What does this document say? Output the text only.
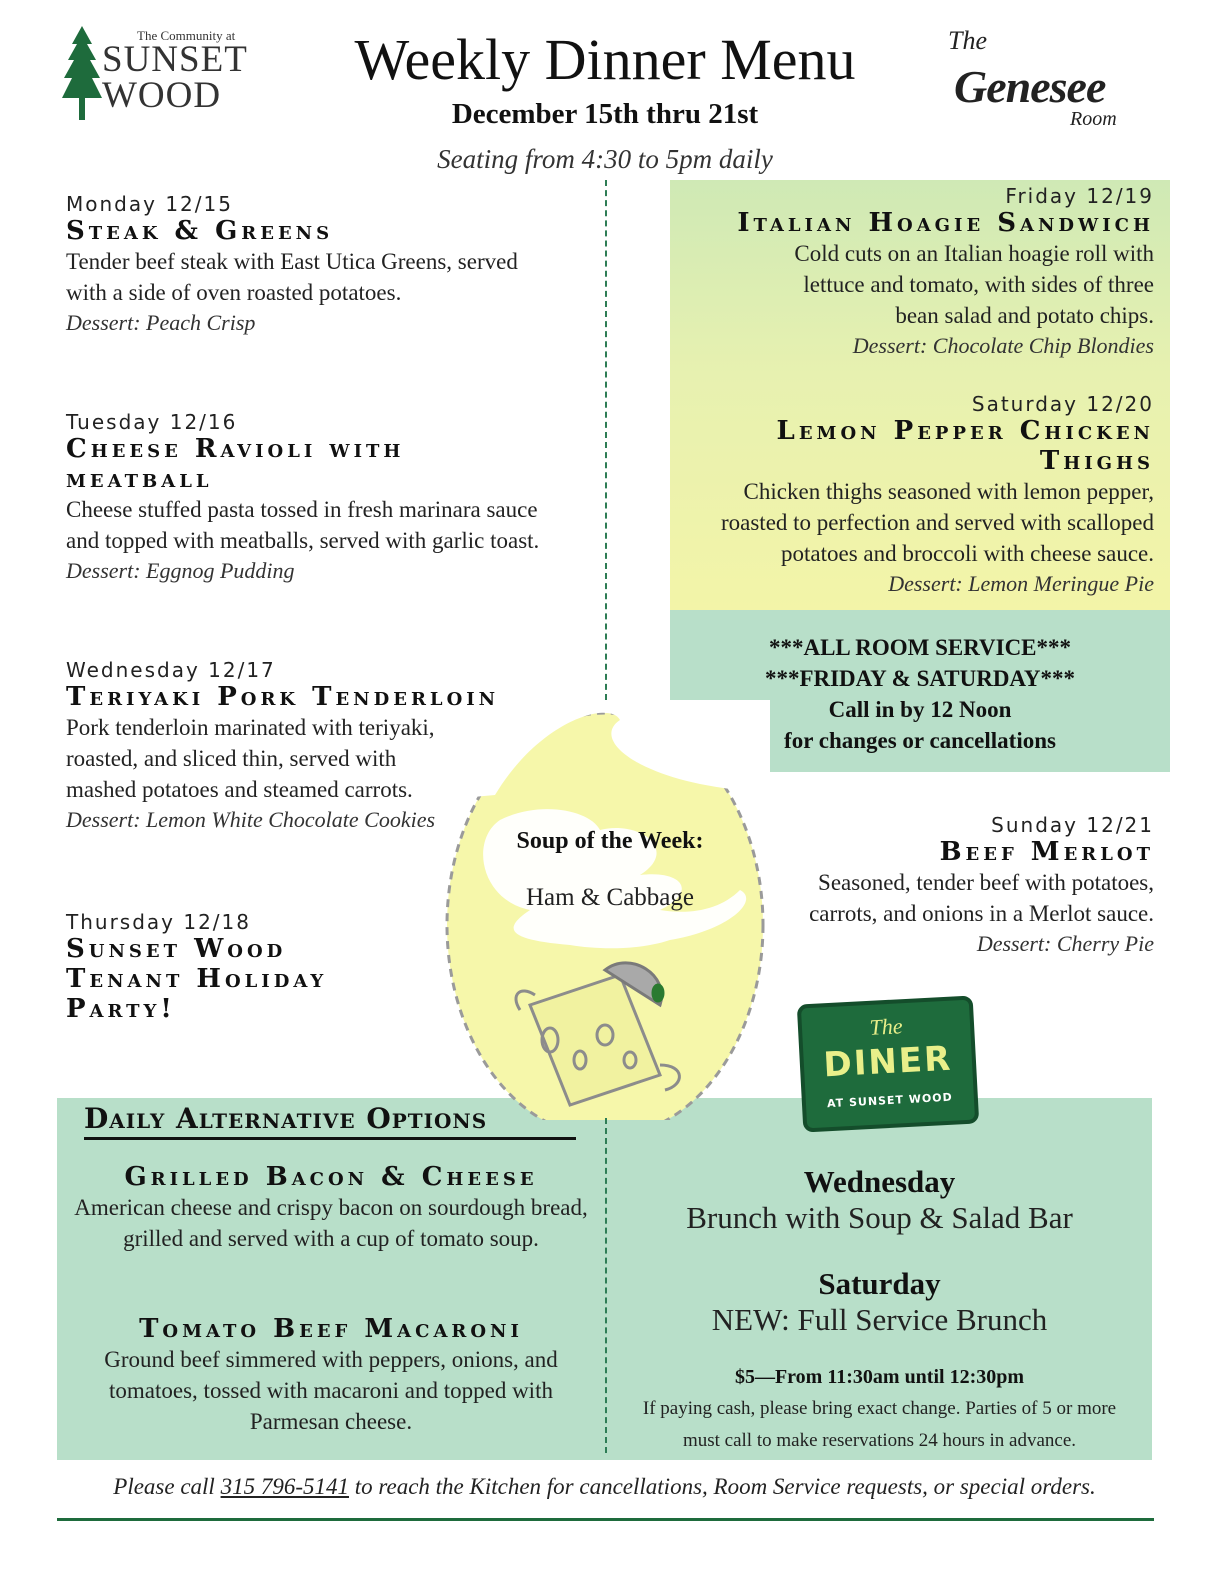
The Community at
SUNSET
WOOD
Weekly Dinner Menu
December 15th thru 21st
Seating from 4:30 to 5pm daily
The
Genesee
Room
Monday 12/15
Steak & Greens
Tender beef steak with East Utica Greens, served with a side of oven roasted potatoes.
Dessert: Peach Crisp
Tuesday 12/16
Cheese Ravioli with meatball
Cheese stuffed pasta tossed in fresh marinara sauce and topped with meatballs, served with garlic toast.
Dessert: Eggnog Pudding
Wednesday 12/17
Teriyaki Pork Tenderloin
Pork tenderloin marinated with teriyaki, roasted, and sliced thin, served with mashed potatoes and steamed carrots.
Dessert: Lemon White Chocolate Cookies
Thursday 12/18
Sunset Wood Tenant Holiday Party!
Friday 12/19
Italian Hoagie Sandwich
Cold cuts on an Italian hoagie roll with lettuce and tomato, with sides of three bean salad and potato chips.
Dessert: Chocolate Chip Blondies
Saturday 12/20
Lemon Pepper Chicken Thighs
Chicken thighs seasoned with lemon pepper, roasted to perfection and served with scalloped potatoes and broccoli with cheese sauce.
Dessert: Lemon Meringue Pie
***ALL ROOM SERVICE***
***FRIDAY & SATURDAY***
Call in by 12 Noon
for changes or cancellations
Soup of the Week:
Ham & Cabbage
Sunday 12/21
Beef Merlot
Seasoned, tender beef with potatoes, carrots, and onions in a Merlot sauce.
Dessert: Cherry Pie
The
DINER
AT SUNSET WOOD
Daily Alternative Options
Grilled Bacon & Cheese
American cheese and crispy bacon on sourdough bread, grilled and served with a cup of tomato soup.
Tomato Beef Macaroni
Ground beef simmered with peppers, onions, and tomatoes, tossed with macaroni and topped with Parmesan cheese.
Wednesday
Brunch with Soup & Salad Bar
Saturday
NEW: Full Service Brunch
$5—From 11:30am until 12:30pm
If paying cash, please bring exact change. Parties of 5 or more must call to make reservations 24 hours in advance.
Please call 315 796-5141 to reach the Kitchen for cancellations, Room Service requests, or special orders.
